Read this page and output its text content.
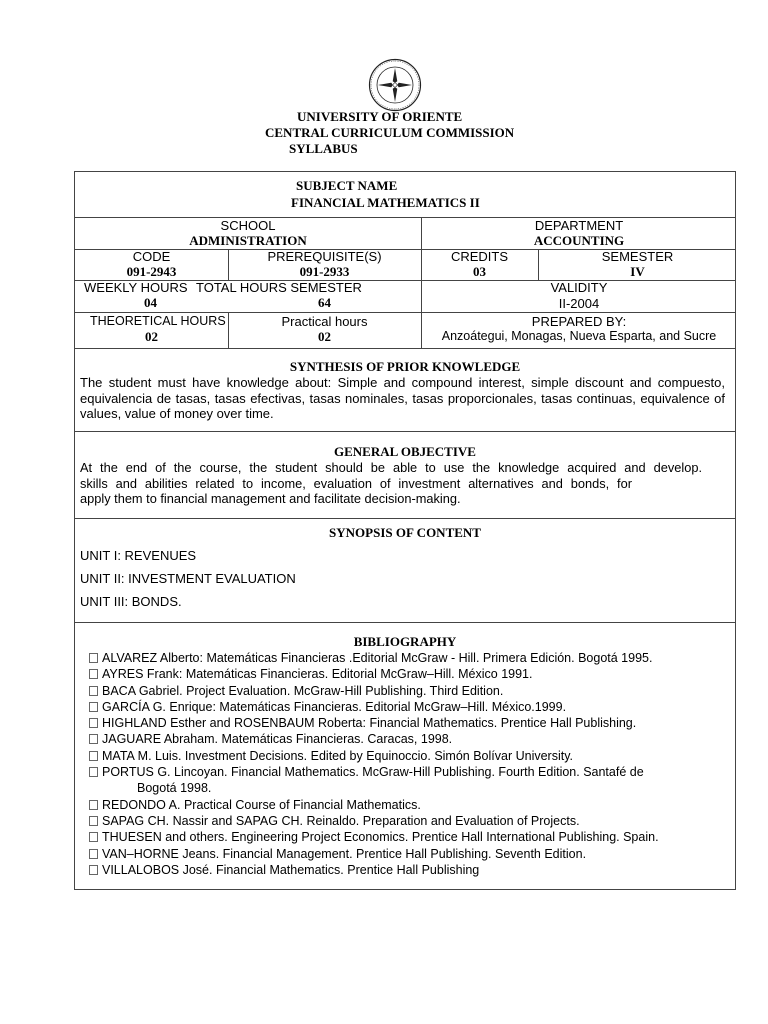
UNIVERSITY OF ORIENTE
CENTRAL CURRICULUM COMMISSION
SYLLABUS
SUBJECT NAME
FINANCIAL MATHEMATICS II
SCHOOL
ADMINISTRATION
DEPARTMENT
ACCOUNTING
CODE
091-2943
PREREQUISITE(S)
091-2933
CREDITS
03
SEMESTER
IV
WEEKLY HOURS
04
TOTAL HOURS SEMESTER
64
VALIDITY
II-2004
THEORETICAL HOURS
02
Practical hours
02
PREPARED BY:
Anzoátegui, Monagas, Nueva Esparta, and Sucre
SYNTHESIS OF PRIOR KNOWLEDGE
The student must have knowledge about: Simple and compound interest, simple discount and compuesto, equivalencia de tasas, tasas efectivas, tasas nominales, tasas proporcionales, tasas continuas, equivalence of values, value of money over time.
GENERAL OBJECTIVE
At the end of the course, the student should be able to use the knowledge acquired and develop.
skills and abilities related to income, evaluation of investment alternatives and bonds, for
apply them to financial management and facilitate decision-making.
SYNOPSIS OF CONTENT
UNIT I: REVENUES
UNIT II: INVESTMENT EVALUATION
UNIT III: BONDS.
BIBLIOGRAPHY
ALVAREZ Alberto: Matemáticas Financieras .Editorial McGraw - Hill. Primera Edición. Bogotá 1995.
AYRES Frank: Matemáticas Financieras. Editorial McGraw–Hill. México 1991.
BACA Gabriel. Project Evaluation. McGraw-Hill Publishing. Third Edition.
GARCÍA G. Enrique: Matemáticas Financieras. Editorial McGraw–Hill. México.1999.
HIGHLAND Esther and ROSENBAUM Roberta: Financial Mathematics. Prentice Hall Publishing.
JAGUARE Abraham. Matemáticas Financieras. Caracas, 1998.
MATA M. Luis. Investment Decisions. Edited by Equinoccio. Simón Bolívar University.
PORTUS G. Lincoyan. Financial Mathematics. McGraw-Hill Publishing. Fourth Edition. Santafé de
Bogotá 1998.
REDONDO A. Practical Course of Financial Mathematics.
SAPAG CH. Nassir and SAPAG CH. Reinaldo. Preparation and Evaluation of Projects.
THUESEN and others. Engineering Project Economics. Prentice Hall International Publishing. Spain.
VAN–HORNE Jeans. Financial Management. Prentice Hall Publishing. Seventh Edition.
VILLALOBOS José. Financial Mathematics. Prentice Hall Publishing
